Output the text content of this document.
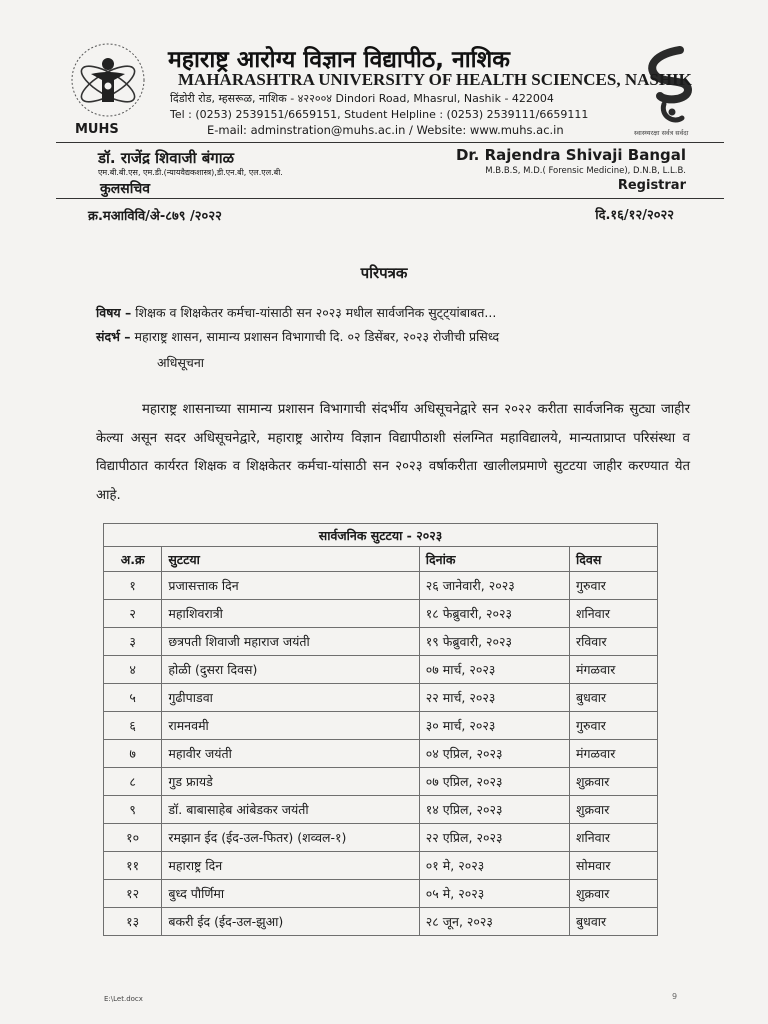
MUHS	स्वास्थ्यरक्षा सर्वत्र सर्वदा
महाराष्ट्र आरोग्य विज्ञान विद्यापीठ, नाशिक
MAHARASHTRA UNIVERSITY OF HEALTH SCIENCES, NASHIK
दिंडोरी रोड, म्हसरूळ, नाशिक - ४२२००४ Dindori Road, Mhasrul, Nashik - 422004
Tel : (0253) 2539151/6659151, Student Helpline : (0253) 2539111/6659111
E-mail: adminstration@muhs.ac.in / Website: www.muhs.ac.in
डॉ. राजेंद्र शिवाजी बंगाळ
एम.बी.बी.एस, एम.डी.(न्यायवैद्यकशास्त्र),डी.एन.बी, एल.एल.बी.
कुलसचिव
Dr. Rajendra Shivaji Bangal
M.B.B.S, M.D.( Forensic Medicine), D.N.B, L.L.B.
Registrar
क्र.मआविवि/अे-८७९ /२०२२	दि.१६/१२/२०२२
परिपत्रक
विषय – शिक्षक व शिक्षकेतर कर्मचा-यांसाठी सन २०२३ मधील सार्वजनिक सुट्ट्यांबाबत...
संदर्भ – महाराष्ट्र शासन, सामान्य प्रशासन विभागाची दि. ०२ डिसेंबर, २०२३ रोजीची प्रसिध्द
अधिसूचना
महाराष्ट्र शासनाच्या सामान्य प्रशासन विभागाची संदर्भीय अधिसूचनेद्वारे सन २०२२ करीता सार्वजनिक सुट्या जाहीर केल्या असून सदर अधिसूचनेद्वारे, महाराष्ट्र आरोग्य विज्ञान विद्यापीठाशी संलग्नित महाविद्यालये, मान्यताप्राप्त परिसंस्था व विद्यापीठात कार्यरत शिक्षक व शिक्षकेतर कर्मचा-यांसाठी सन २०२३ वर्षाकरीता खालीलप्रमाणे सुटटया जाहीर करण्यात येत आहे.
सार्वजनिक सुटटया - २०२३			
अ.क्र	सुटटया	दिनांक	दिवस
१	प्रजासत्ताक दिन	२६ जानेवारी, २०२३	गुरुवार
२	महाशिवरात्री	१८ फेब्रुवारी, २०२३	शनिवार
३	छत्रपती शिवाजी महाराज जयंती	१९ फेब्रुवारी, २०२३	रविवार
४	होळी (दुसरा दिवस)	०७ मार्च, २०२३	मंगळवार
५	गुढीपाडवा	२२ मार्च, २०२३	बुधवार
६	रामनवमी	३० मार्च, २०२३	गुरुवार
७	महावीर जयंती	०४ एप्रिल, २०२३	मंगळवार
८	गुड फ्रायडे	०७ एप्रिल, २०२३	शुक्रवार
९	डॉ. बाबासाहेब आंबेडकर जयंती	१४ एप्रिल, २०२३	शुक्रवार
१०	रमझान ईद (ईद-उल-फितर) (शव्वल-१)	२२ एप्रिल, २०२३	शनिवार
११	महाराष्ट्र दिन	०१ मे, २०२३	सोमवार
१२	बुध्द पौर्णिमा	०५ मे, २०२३	शुक्रवार
१३	बकरी ईद (ईद-उल-झुआ)	२८ जून, २०२३	बुधवार
E:\Let.docx	9
